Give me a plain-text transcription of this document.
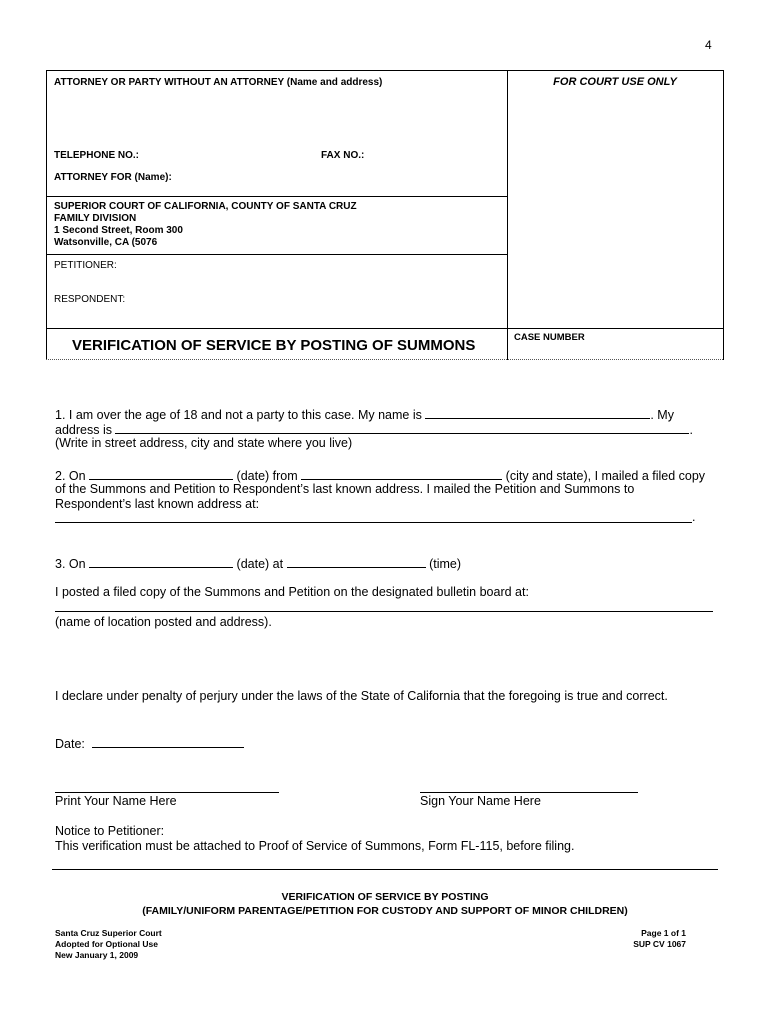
4
ATTORNEY OR PARTY WITHOUT AN ATTORNEY (Name and address)	FOR COURT USE ONLY
TELEPHONE NO.:	FAX NO.:
ATTORNEY FOR (Name):
SUPERIOR COURT OF CALIFORNIA, COUNTY OF SANTA CRUZ
FAMILY DIVISION
1 Second Street, Room 300
Watsonville, CA (5076
PETITIONER:
RESPONDENT:
VERIFICATION OF SERVICE BY POSTING OF SUMMONS	CASE NUMBER
1. I am over the age of 18 and not a party to this case. My name is	. My
address is	.
(Write in street address, city and state where you live)
2. On	(date) from	(city and state), I mailed a filed copy
of the Summons and Petition to Respondent’s last known address. I mailed the Petition and Summons to
Respondent’s last known address at:
.
3. On	(date) at	(time)
I posted a filed copy of the Summons and Petition on the designated bulletin board at:
(name of location posted and address).
I declare under penalty of perjury under the laws of the State of California that the foregoing is true and correct.
Date:
Print Your Name Here	Sign Your Name Here
Notice to Petitioner:
This verification must be attached to Proof of Service of Summons, Form FL-115, before filing.
VERIFICATION OF SERVICE BY POSTING
(FAMILY/UNIFORM PARENTAGE/PETITION FOR CUSTODY AND SUPPORT OF MINOR CHILDREN)
Santa Cruz Superior Court
Adopted for Optional Use
New January 1, 2009
Page 1 of 1
SUP CV 1067
